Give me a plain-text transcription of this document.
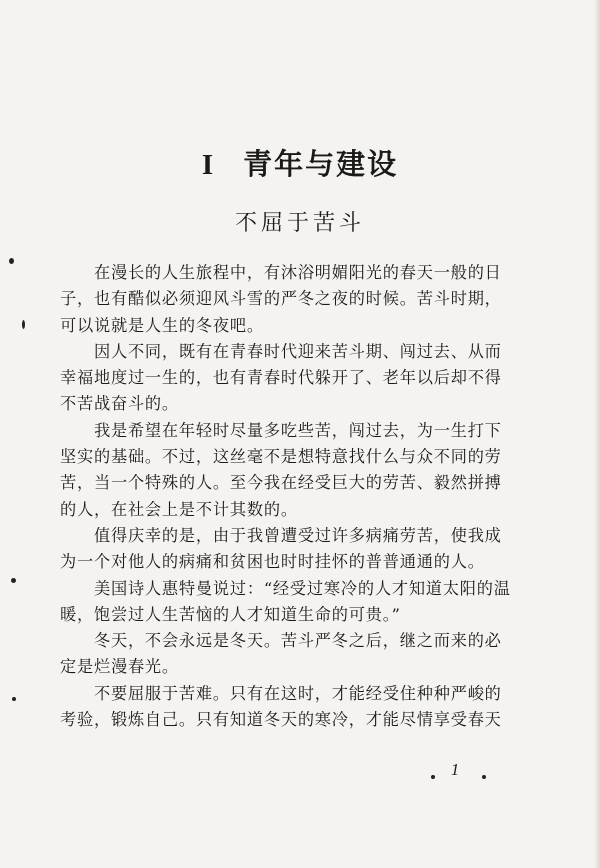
I 青年与建设
不屈于苦斗
　　在漫长的人生旅程中，有沐浴明媚阳光的春天一般的日
子，也有酷似必须迎风斗雪的严冬之夜的时候。苦斗时期，
可以说就是人生的冬夜吧。
　　因人不同，既有在青春时代迎来苦斗期、闯过去、从而
幸福地度过一生的，也有青春时代躲开了、老年以后却不得
不苦战奋斗的。
　　我是希望在年轻时尽量多吃些苦，闯过去，为一生打下
坚实的基础。不过，这丝毫不是想特意找什么与众不同的劳
苦，当一个特殊的人。至今我在经受巨大的劳苦、毅然拼搏
的人，在社会上是不计其数的。
　　值得庆幸的是，由于我曾遭受过许多病痛劳苦，使我成
为一个对他人的病痛和贫困也时时挂怀的普普通通的人。
　　美国诗人惠特曼说过：“经受过寒冷的人才知道太阳的温
暖，饱尝过人生苦恼的人才知道生命的可贵。”
　　冬天，不会永远是冬天。苦斗严冬之后，继之而来的必
定是烂漫春光。
　　不要屈服于苦难。只有在这时，才能经受住种种严峻的
考验，锻炼自己。只有知道冬天的寒冷，才能尽情享受春天
1
